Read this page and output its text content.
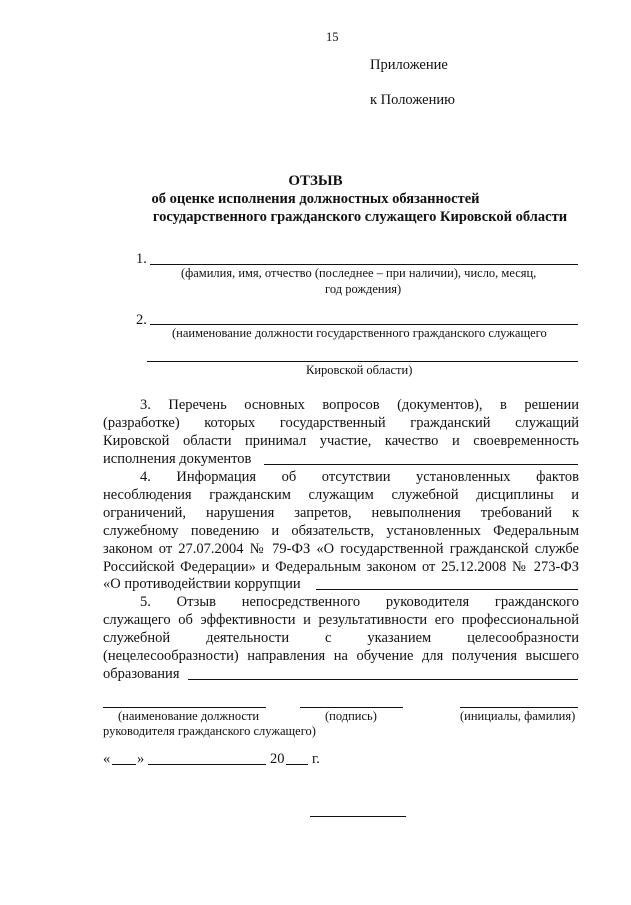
15
Приложение
к Положению
ОТЗЫВ
об оценке исполнения должностных обязанностей
государственного гражданского служащего Кировской области
1.
(фамилия, имя, отчество (последнее – при наличии), число, месяц,
год рождения)
2.
(наименование должности государственного гражданского служащего
Кировской области)
3. Перечень основных вопросов (документов), в решении
(разработке) которых государственный гражданский служащий
Кировской области принимал участие, качество и своевременность
исполнения документов
4. Информация об отсутствии установленных фактов
несоблюдения гражданским служащим служебной дисциплины и
ограничений, нарушения запретов, невыполнения требований к
служебному поведению и обязательств, установленных Федеральным
законом от 27.07.2004 № 79-ФЗ «О государственной гражданской службе
Российской Федерации» и Федеральным законом от 25.12.2008 № 273-ФЗ
«О противодействии коррупции
5. Отзыв непосредственного руководителя гражданского
служащего об эффективности и результативности его профессиональной
служебной деятельности с указанием целесообразности
(нецелесообразности) направления на обучение для получения высшего
образования
(наименование должности	(подпись)	(инициалы, фамилия)
руководителя гражданского служащего)
« »	20 г.
